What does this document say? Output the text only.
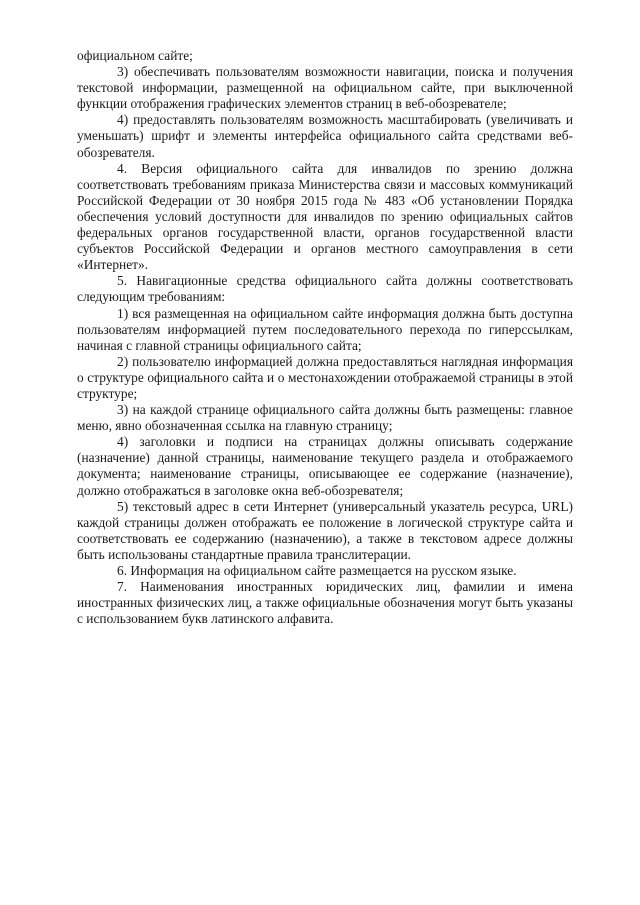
официальном сайте;

3) обеспечивать пользователям возможности навигации, поиска и получения текстовой информации, размещенной на официальном сайте, при выключенной функции отображения графических элементов страниц в веб-обозревателе;

4) предоставлять пользователям возможность масштабировать (увеличивать и уменьшать) шрифт и элементы интерфейса официального сайта средствами веб-обозревателя.

4. Версия официального сайта для инвалидов по зрению должна соответствовать требованиям приказа Министерства связи и массовых коммуникаций Российской Федерации от 30 ноября 2015 года № 483 «Об установлении Порядка обеспечения условий доступности для инвалидов по зрению официальных сайтов федеральных органов государственной власти, органов государственной власти субъектов Российской Федерации и органов местного самоуправления в сети «Интернет».

5. Навигационные средства официального сайта должны соответствовать следующим требованиям:

1) вся размещенная на официальном сайте информация должна быть доступна пользователям информацией путем последовательного перехода по гиперссылкам, начиная с главной страницы официального сайта;

2) пользователю информацией должна предоставляться наглядная информация о структуре официального сайта и о местонахождении отображаемой страницы в этой структуре;

3) на каждой странице официального сайта должны быть размещены: главное меню, явно обозначенная ссылка на главную страницу;

4) заголовки и подписи на страницах должны описывать содержание (назначение) данной страницы, наименование текущего раздела и отображаемого документа; наименование страницы, описывающее ее содержание (назначение), должно отображаться в заголовке окна веб-обозревателя;

5) текстовый адрес в сети Интернет (универсальный указатель ресурса, URL) каждой страницы должен отображать ее положение в логической структуре сайта и соответствовать ее содержанию (назначению), а также в текстовом адресе должны быть использованы стандартные правила транслитерации.

6. Информация на официальном сайте размещается на русском языке.

7. Наименования иностранных юридических лиц, фамилии и имена иностранных физических лиц, а также официальные обозначения могут быть указаны с использованием букв латинского алфавита.
